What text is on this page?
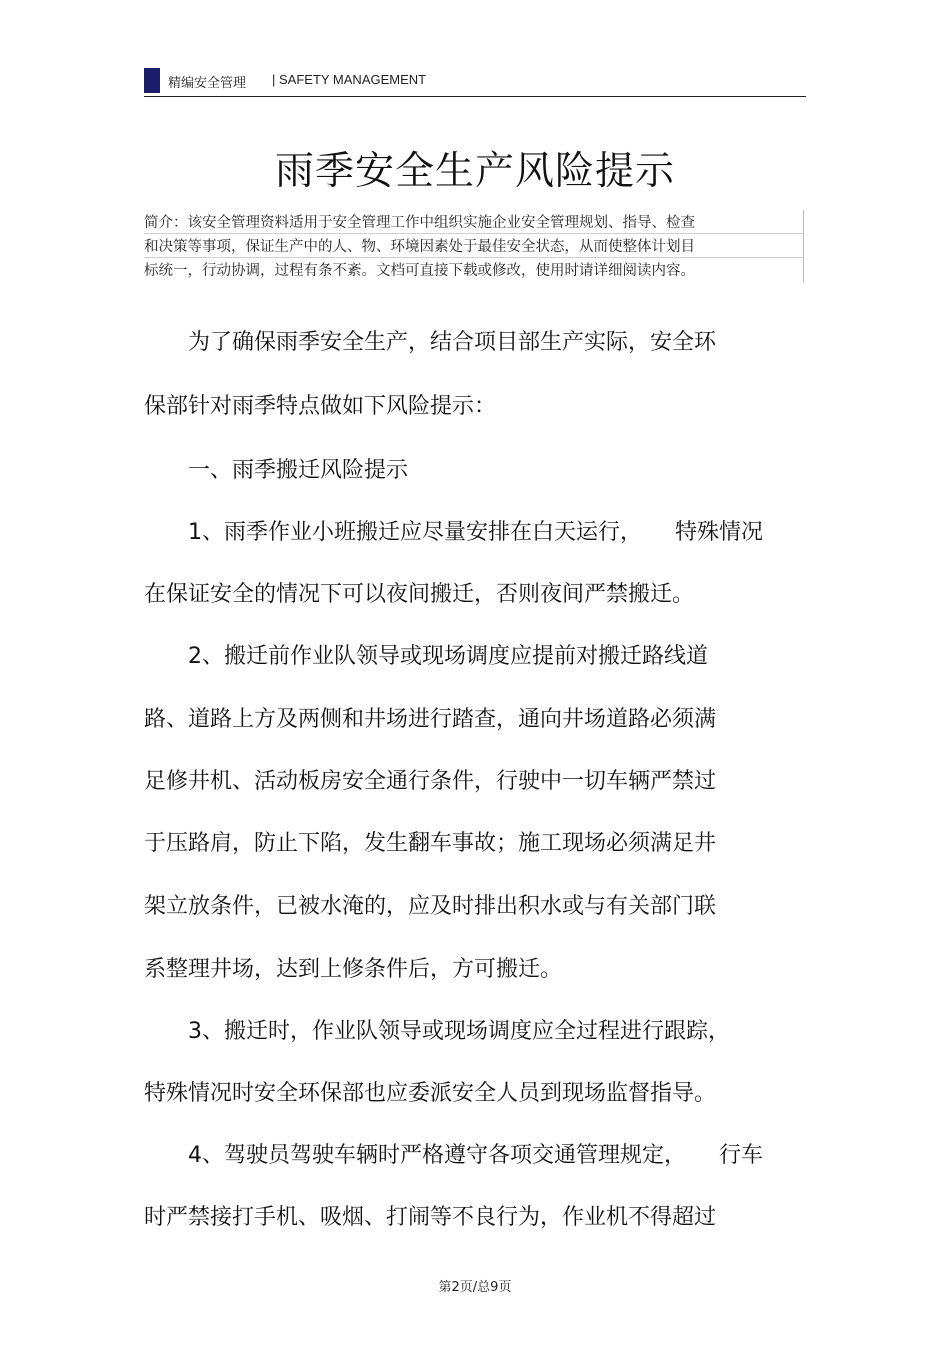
精编安全管理 | SAFETY MANAGEMENT
雨季安全生产风险提示
简介：该安全管理资料适用于安全管理工作中组织实施企业安全管理规划、指导、检查
和决策等事项，保证生产中的人、物、环境因素处于最佳安全状态，从而使整体计划目
标统一，行动协调，过程有条不紊。文档可直接下载或修改，使用时请详细阅读内容。
　　为了确保雨季安全生产，结合项目部生产实际，安全环
保部针对雨季特点做如下风险提示：
　　一、雨季搬迁风险提示
　　1、雨季作业小班搬迁应尽量安排在白天运行，　　特殊情况
在保证安全的情况下可以夜间搬迁，否则夜间严禁搬迁。
　　2、搬迁前作业队领导或现场调度应提前对搬迁路线道
路、道路上方及两侧和井场进行踏查，通向井场道路必须满
足修井机、活动板房安全通行条件，行驶中一切车辆严禁过
于压路肩，防止下陷，发生翻车事故；施工现场必须满足井
架立放条件，已被水淹的，应及时排出积水或与有关部门联
系整理井场，达到上修条件后，方可搬迁。
　　3、搬迁时，作业队领导或现场调度应全过程进行跟踪，
特殊情况时安全环保部也应委派安全人员到现场监督指导。
　　4、驾驶员驾驶车辆时严格遵守各项交通管理规定，　　行车
时严禁接打手机、吸烟、打闹等不良行为，作业机不得超过
第2页/总9页
